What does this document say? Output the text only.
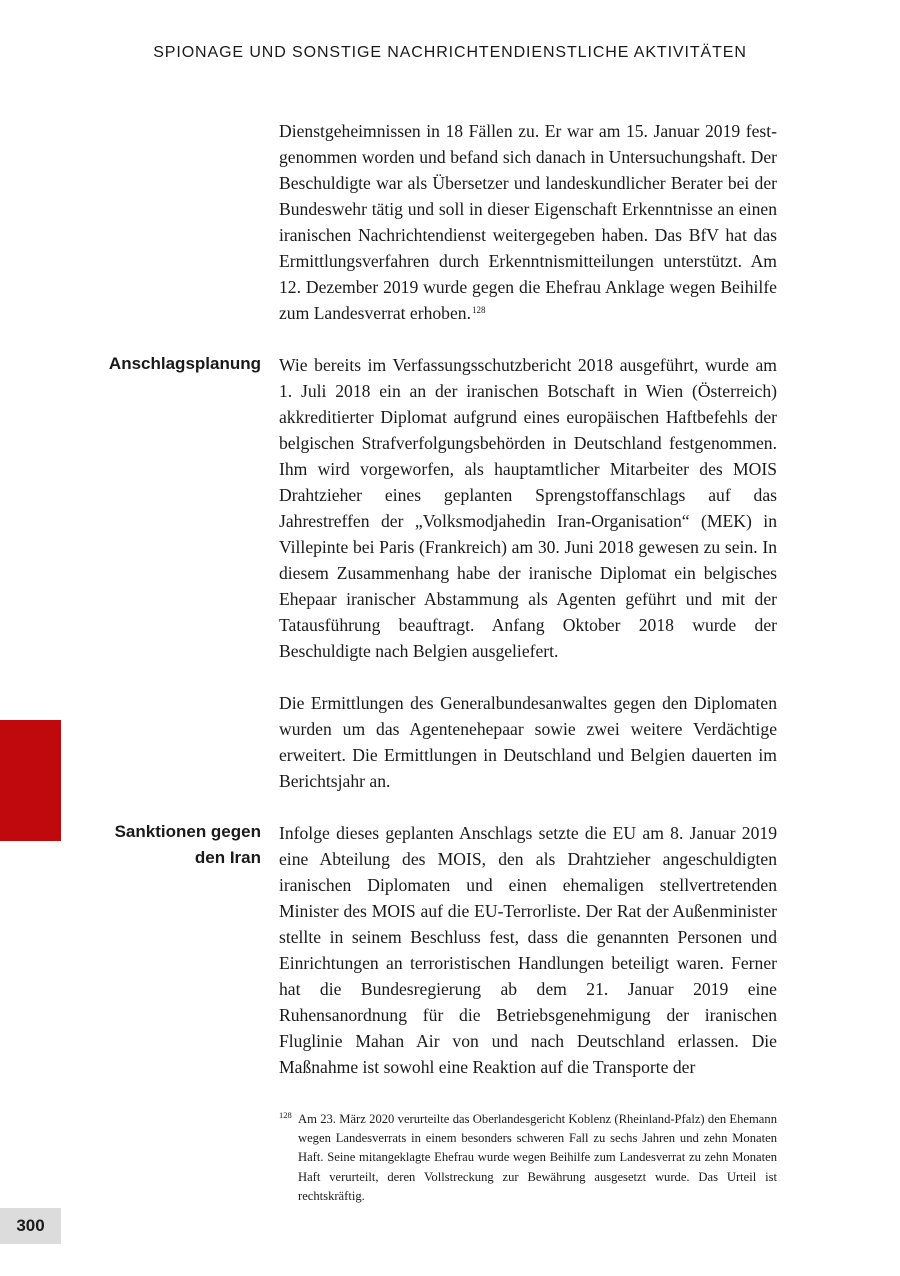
SPIONAGE UND SONSTIGE NACHRICHTENDIENSTLICHE AKTIVITÄTEN

Dienstgeheimnissen in 18 Fällen zu. Er war am 15. Januar 2019 festgenommen worden und befand sich danach in Untersuchungshaft. Der Beschuldigte war als Übersetzer und landeskundlicher Berater bei der Bundeswehr tätig und soll in dieser Eigenschaft Erkenntnisse an einen iranischen Nachrichtendienst weitergegeben haben. Das BfV hat das Ermittlungsverfahren durch Erkenntnismitteilungen unterstützt. Am 12. Dezember 2019 wurde gegen die Ehefrau Anklage wegen Beihilfe zum Landesverrat erhoben.$^{128}$

Anschlagsplanung Wie bereits im Verfassungsschutzbericht 2018 ausgeführt, wurde am 1. Juli 2018 ein an der iranischen Botschaft in Wien (Österreich) akkreditierter Diplomat aufgrund eines europäischen Haftbefehls der belgischen Strafverfolgungsbehörden in Deutschland festgenommen. Ihm wird vorgeworfen, als hauptamtlicher Mitarbeiter des MOIS Drahtzieher eines geplanten Sprengstoffanschlags auf das Jahrestreffen der „Volksmodjahedin Iran-Organisation“ (MEK) in Villepinte bei Paris (Frankreich) am 30. Juni 2018 gewesen zu sein. In diesem Zusammenhang habe der iranische Diplomat ein belgisches Ehepaar iranischer Abstammung als Agenten geführt und mit der Tatausführung beauftragt. Anfang Oktober 2018 wurde der Beschuldigte nach Belgien ausgeliefert.

Die Ermittlungen des Generalbundesanwaltes gegen den Diplomaten wurden um das Agentenehepaar sowie zwei weitere Verdächtige erweitert. Die Ermittlungen in Deutschland und Belgien dauerten im Berichtsjahr an.

Sanktionen gegen
den Iran

Infolge dieses geplanten Anschlags setzte die EU am 8. Januar 2019 eine Abteilung des MOIS, den als Drahtzieher angeschuldigten iranischen Diplomaten und einen ehemaligen stellvertretenden Minister des MOIS auf die EU-Terrorliste. Der Rat der Außenminister stellte in seinem Beschluss fest, dass die genannten Personen und Einrichtungen an terroristischen Handlungen beteiligt waren. Ferner hat die Bundesregierung ab dem 21. Januar 2019 eine Ruhensanordnung für die Betriebsgenehmigung der iranischen Fluglinie Mahan Air von und nach Deutschland erlassen. Die Maßnahme ist sowohl eine Reaktion auf die Transporte der

128 Am 23. März 2020 verurteilte das Oberlandesgericht Koblenz (Rheinland-Pfalz) den Ehemann wegen Landesverrats in einem besonders schweren Fall zu sechs Jahren und zehn Monaten Haft. Seine mitangeklagte Ehefrau wurde wegen Beihilfe zum Landesverrat zu zehn Monaten Haft verurteilt, deren Vollstreckung zur Bewährung ausgesetzt wurde. Das Urteil ist rechtskräftig.
300
